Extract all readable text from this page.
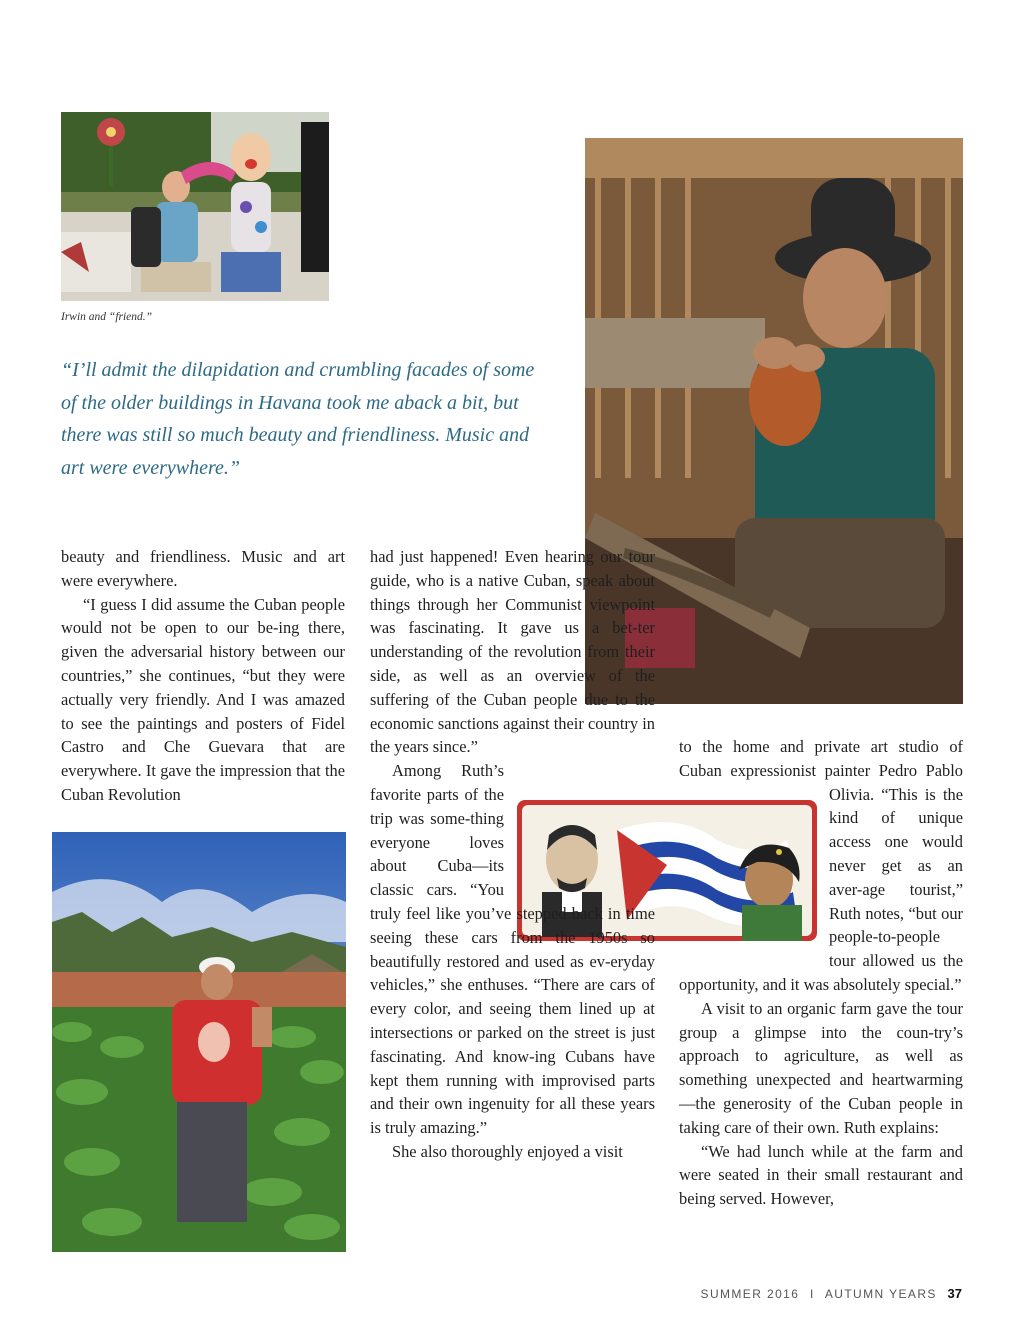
Irwin and “friend.”

“I’ll admit the dilapidation and crumbling facades of some of the older buildings in Havana took me aback a bit, but there was still so much beauty and friendliness. Music and art were everywhere.”

beauty and friendliness. Music and art were everywhere.

“I guess I did assume the Cuban people would not be open to our be-ing there, given the adversarial history between our countries,” she continues, “but they were actually very friendly. And I was amazed to see the paintings and posters of Fidel Castro and Che Guevara that are everywhere. It gave the impression that the Cuban Revolution

had just happened! Even hearing our tour guide, who is a native Cuban, speak about things through her Communist viewpoint was fascinating. It gave us a bet-ter understanding of the revolution from their side, as well as an overview of the suffering of the Cuban people due to the economic sanctions against their country in the years since.”

Among Ruth’s favorite parts of the trip was some-thing everyone loves about Cuba—its classic cars. “You truly feel like you’ve stepped back in time seeing these cars from the 1950s so beautifully restored and used as ev-eryday vehicles,” she enthuses. “There are cars of every color, and seeing them lined up at intersections or parked on the street is just fascinating. And know-ing Cubans have kept them running with improvised parts and their own ingenuity for all these years is truly amazing.”

She also thoroughly enjoyed a visit

to the home and private art studio of Cuban expressionist painter Pedro Pablo Olivia. “This is the kind of unique access one would never get as an aver-age tourist,” Ruth notes, “but our people-to-people tour allowed us the opportunity, and it was absolutely special.”

A visit to an organic farm gave the tour group a glimpse into the coun-try’s approach to agriculture, as well as something unexpected and heartwarming—the generosity of the Cuban people in taking care of their own. Ruth explains:

“We had lunch while at the farm and were seated in their small restaurant and being served. However,

SUMMER 2016 I AUTUMN YEARS 37
